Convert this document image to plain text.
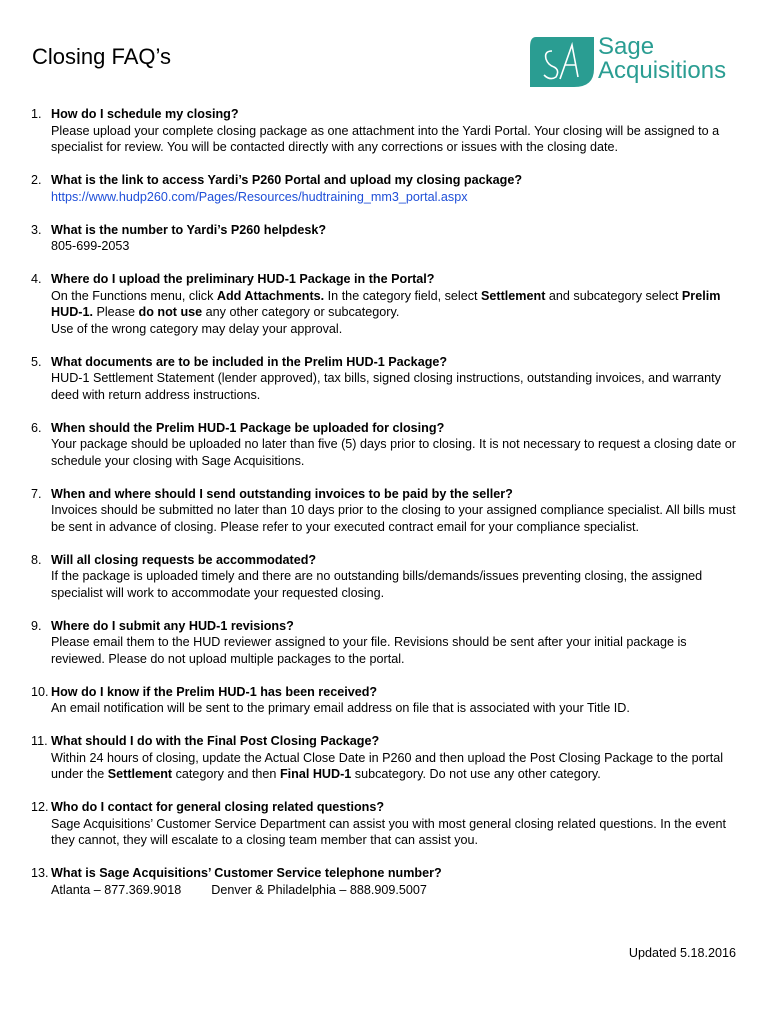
Closing FAQ’s	Sage
Acquisitions
1. How do I schedule my closing?
Please upload your complete closing package as one attachment into the Yardi Portal. Your closing will be assigned to a specialist for review. You will be contacted directly with any corrections or issues with the closing date.
2. What is the link to access Yardi’s P260 Portal and upload my closing package?
https://www.hudp260.com/Pages/Resources/hudtraining_mm3_portal.aspx
3. What is the number to Yardi’s P260 helpdesk?
805-699-2053
4. Where do I upload the preliminary HUD-1 Package in the Portal?
On the Functions menu, click Add Attachments. In the category field, select Settlement and subcategory select Prelim HUD-1. Please do not use any other category or subcategory.
Use of the wrong category may delay your approval.
5. What documents are to be included in the Prelim HUD-1 Package?
HUD-1 Settlement Statement (lender approved), tax bills, signed closing instructions, outstanding invoices, and warranty deed with return address instructions.
6. When should the Prelim HUD-1 Package be uploaded for closing?
Your package should be uploaded no later than five (5) days prior to closing. It is not necessary to request a closing date or schedule your closing with Sage Acquisitions.
7. When and where should I send outstanding invoices to be paid by the seller?
Invoices should be submitted no later than 10 days prior to the closing to your assigned compliance specialist. All bills must be sent in advance of closing. Please refer to your executed contract email for your compliance specialist.
8. Will all closing requests be accommodated?
If the package is uploaded timely and there are no outstanding bills/demands/issues preventing closing, the assigned specialist will work to accommodate your requested closing.
9. Where do I submit any HUD-1 revisions?
Please email them to the HUD reviewer assigned to your file. Revisions should be sent after your initial package is reviewed. Please do not upload multiple packages to the portal.
10. How do I know if the Prelim HUD-1 has been received?
An email notification will be sent to the primary email address on file that is associated with your Title ID.
11. What should I do with the Final Post Closing Package?
Within 24 hours of closing, update the Actual Close Date in P260 and then upload the Post Closing Package to the portal under the Settlement category and then Final HUD-1 subcategory. Do not use any other category.
12. Who do I contact for general closing related questions?
Sage Acquisitions’ Customer Service Department can assist you with most general closing related questions. In the event they cannot, they will escalate to a closing team member that can assist you.
13. What is Sage Acquisitions’ Customer Service telephone number?
Atlanta – 877.369.9018 Denver & Philadelphia – 888.909.5007
Updated 5.18.2016
